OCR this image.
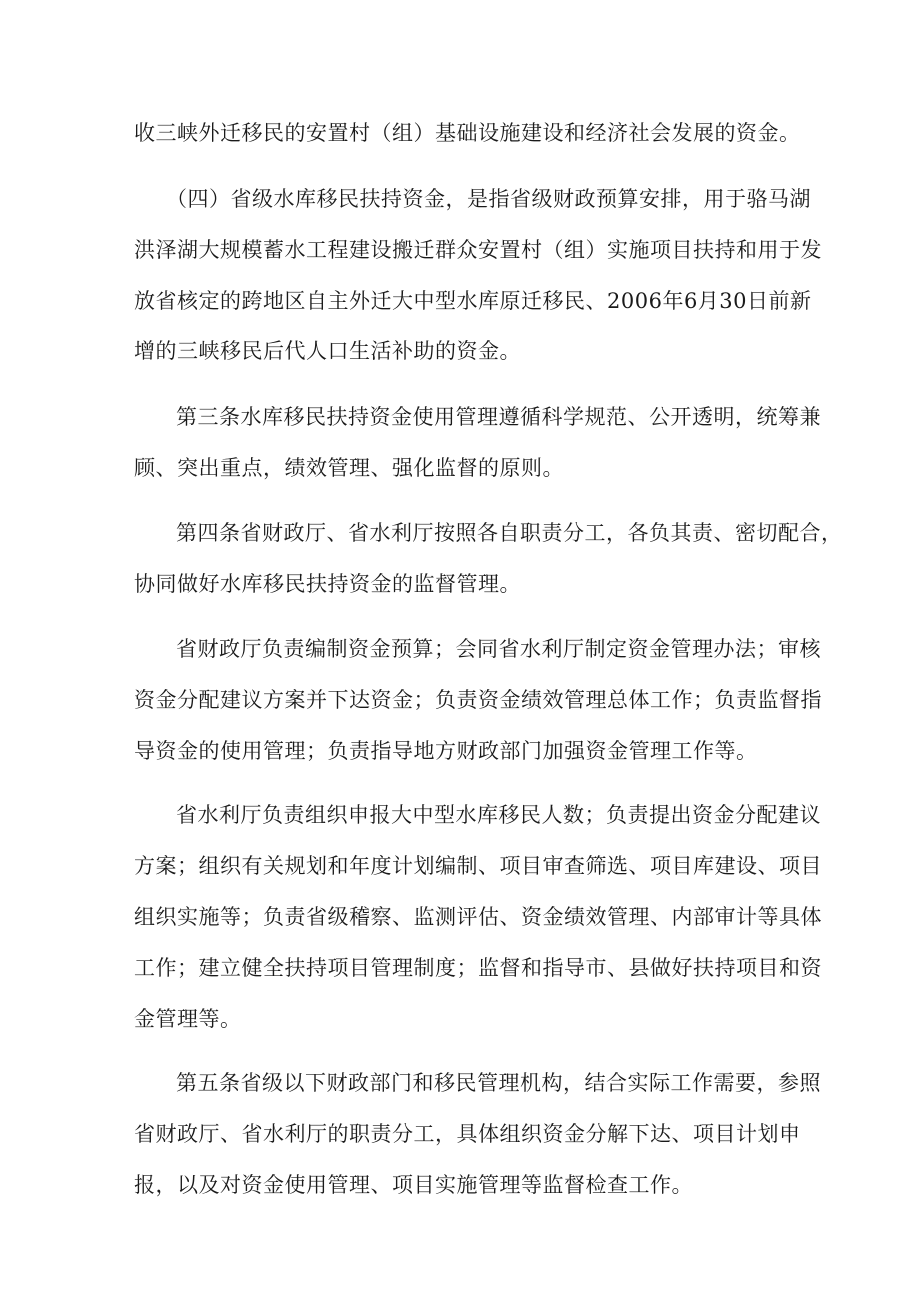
收三峡外迁移民的安置村（组）基础设施建设和经济社会发展的资金。
（四）省级水库移民扶持资金，是指省级财政预算安排，用于骆马湖
洪泽湖大规模蓄水工程建设搬迁群众安置村（组）实施项目扶持和用于发
放省核定的跨地区自主外迁大中型水库原迁移民、2006年6月30日前新
增的三峡移民后代人口生活补助的资金。
第三条水库移民扶持资金使用管理遵循科学规范、公开透明，统筹兼
顾、突出重点，绩效管理、强化监督的原则。
第四条省财政厅、省水利厅按照各自职责分工，各负其责、密切配合，
协同做好水库移民扶持资金的监督管理。
省财政厅负责编制资金预算；会同省水利厅制定资金管理办法；审核
资金分配建议方案并下达资金；负责资金绩效管理总体工作；负责监督指
导资金的使用管理；负责指导地方财政部门加强资金管理工作等。
省水利厅负责组织申报大中型水库移民人数；负责提出资金分配建议
方案；组织有关规划和年度计划编制、项目审查筛选、项目库建设、项目
组织实施等；负责省级稽察、监测评估、资金绩效管理、内部审计等具体
工作；建立健全扶持项目管理制度；监督和指导市、县做好扶持项目和资
金管理等。
第五条省级以下财政部门和移民管理机构，结合实际工作需要，参照
省财政厅、省水利厅的职责分工，具体组织资金分解下达、项目计划申
报，以及对资金使用管理、项目实施管理等监督检查工作。
